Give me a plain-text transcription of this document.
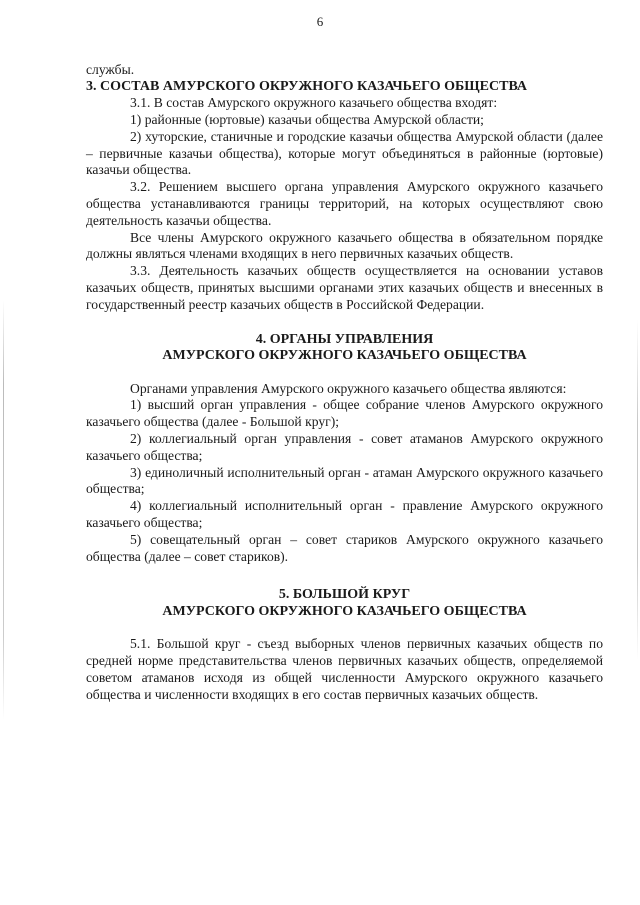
6

службы.

3. СОСТАВ АМУРСКОГО ОКРУЖНОГО КАЗАЧЬЕГО ОБЩЕСТВА

3.1. В состав Амурского окружного казачьего общества входят:

1) районные (юртовые) казачьи общества Амурской области;

2) хуторские, станичные и городские казачьи общества Амурской области (далее – первичные казачьи общества), которые могут объединяться в районные (юртовые) казачьи общества.

3.2. Решением высшего органа управления Амурского окружного казачьего общества устанавливаются границы территорий, на которых осуществляют свою деятельность казачьи общества.

Все члены Амурского окружного казачьего общества в обязательном порядке должны являться членами входящих в него первичных казачьих обществ.

3.3. Деятельность казачьих обществ осуществляется на основании уставов казачьих обществ, принятых высшими органами этих казачьих обществ и внесенных в государственный реестр казачьих обществ в Российской Федерации.

4. ОРГАНЫ УПРАВЛЕНИЯ
АМУРСКОГО ОКРУЖНОГО КАЗАЧЬЕГО ОБЩЕСТВА

Органами управления Амурского окружного казачьего общества являются:

1) высший орган управления - общее собрание членов Амурского окружного казачьего общества (далее - Большой круг);

2) коллегиальный орган управления - совет атаманов Амурского окружного казачьего общества;

3) единоличный исполнительный орган - атаман Амурского окружного казачьего общества;

4) коллегиальный исполнительный орган - правление Амурского окружного казачьего общества;

5) совещательный орган – совет стариков Амурского окружного казачьего общества (далее – совет стариков).

5. БОЛЬШОЙ КРУГ
АМУРСКОГО ОКРУЖНОГО КАЗАЧЬЕГО ОБЩЕСТВА

5.1. Большой круг - съезд выборных членов первичных казачьих обществ по средней норме представительства членов первичных казачьих обществ, определяемой советом атаманов исходя из общей численности Амурского окружного казачьего общества и численности входящих в его состав первичных казачьих обществ.
